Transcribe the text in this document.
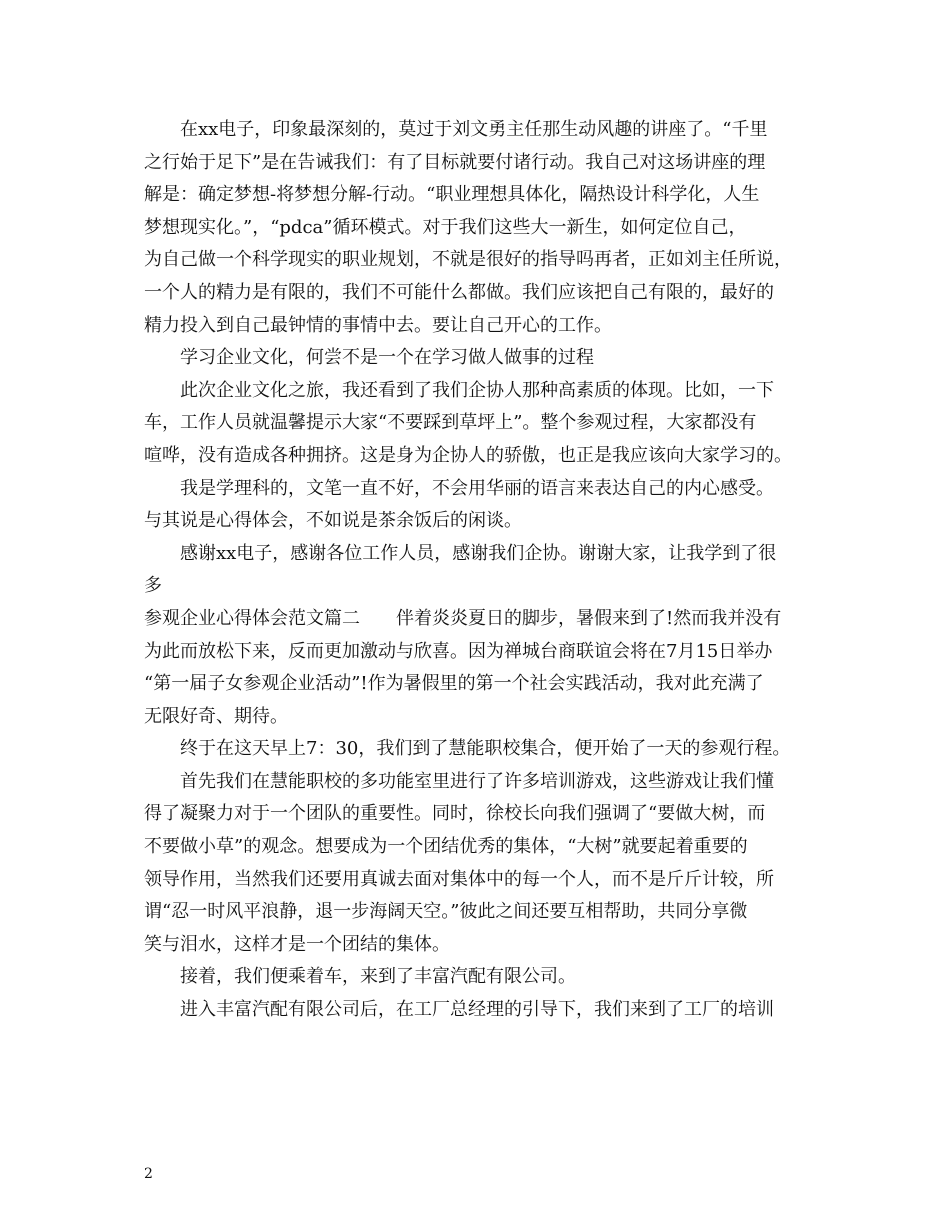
在xx电子，印象最深刻的，莫过于刘文勇主任那生动风趣的讲座了。“千里
之行始于足下”是在告诫我们：有了目标就要付诸行动。我自己对这场讲座的理
解是：确定梦想-将梦想分解-行动。“职业理想具体化，隔热设计科学化，人生
梦想现实化。”，“pdca”循环模式。对于我们这些大一新生，如何定位自己，
为自己做一个科学现实的职业规划，不就是很好的指导吗再者，正如刘主任所说，
一个人的精力是有限的，我们不可能什么都做。我们应该把自己有限的，最好的
精力投入到自己最钟情的事情中去。要让自己开心的工作。

学习企业文化，何尝不是一个在学习做人做事的过程

此次企业文化之旅，我还看到了我们企协人那种高素质的体现。比如，一下
车，工作人员就温馨提示大家“不要踩到草坪上”。整个参观过程，大家都没有
喧哗，没有造成各种拥挤。这是身为企协人的骄傲，也正是我应该向大家学习的。

我是学理科的，文笔一直不好，不会用华丽的语言来表达自己的内心感受。
与其说是心得体会，不如说是茶余饭后的闲谈。

感谢xx电子，感谢各位工作人员，感谢我们企协。谢谢大家，让我学到了很
多

参观企业心得体会范文篇二 伴着炎炎夏日的脚步，暑假来到了!然而我并没有
为此而放松下来，反而更加激动与欣喜。因为禅城台商联谊会将在7月15日举办
“第一届子女参观企业活动”!作为暑假里的第一个社会实践活动，我对此充满了
无限好奇、期待。

终于在这天早上7：30，我们到了慧能职校集合，便开始了一天的参观行程。

首先我们在慧能职校的多功能室里进行了许多培训游戏，这些游戏让我们懂
得了凝聚力对于一个团队的重要性。同时，徐校长向我们强调了“要做大树，而
不要做小草”的观念。想要成为一个团结优秀的集体，“大树”就要起着重要的
领导作用，当然我们还要用真诚去面对集体中的每一个人，而不是斤斤计较，所
谓“忍一时风平浪静，退一步海阔天空。”彼此之间还要互相帮助，共同分享微
笑与泪水，这样才是一个团结的集体。

接着，我们便乘着车，来到了丰富汽配有限公司。

进入丰富汽配有限公司后，在工厂总经理的引导下，我们来到了工厂的培训

2
